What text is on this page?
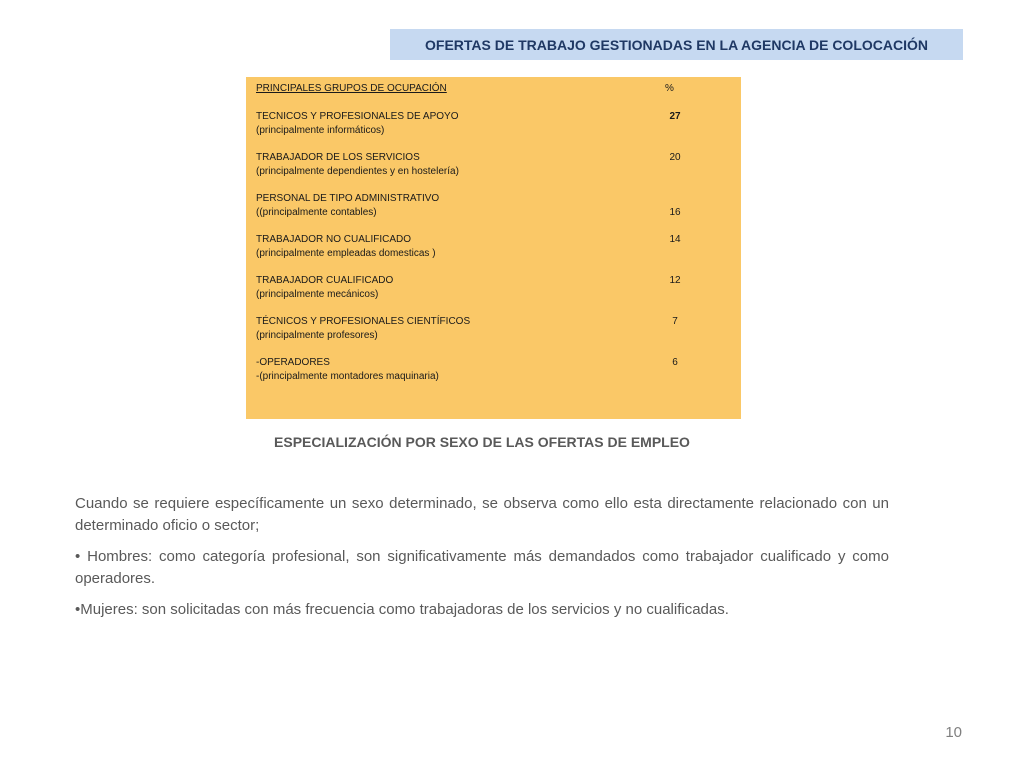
OFERTAS DE TRABAJO GESTIONADAS EN LA AGENCIA DE COLOCACIÓN
PRINCIPALES GRUPOS DE OCUPACIÓN	%
TECNICOS Y PROFESIONALES DE APOYO
(principalmente informáticos)
27
TRABAJADOR DE LOS SERVICIOS
(principalmente dependientes y en hostelería)
20
PERSONAL DE TIPO ADMINISTRATIVO
((principalmente contables)	16
TRABAJADOR NO CUALIFICADO
(principalmente empleadas domesticas )
14
TRABAJADOR CUALIFICADO
(principalmente mecánicos)
12
TÉCNICOS Y PROFESIONALES CIENTÍFICOS
(principalmente profesores)
7
-OPERADORES
-(principalmente montadores maquinaria)
6
ESPECIALIZACIÓN POR SEXO DE LAS OFERTAS DE EMPLEO

Cuando se requiere específicamente un sexo determinado, se observa como ello esta directamente relacionado con un determinado oficio o sector;

• Hombres: como categoría profesional, son significativamente más demandados como trabajador cualificado y como operadores.

•Mujeres: son solicitadas con más frecuencia como trabajadoras de los servicios y no cualificadas.

10
